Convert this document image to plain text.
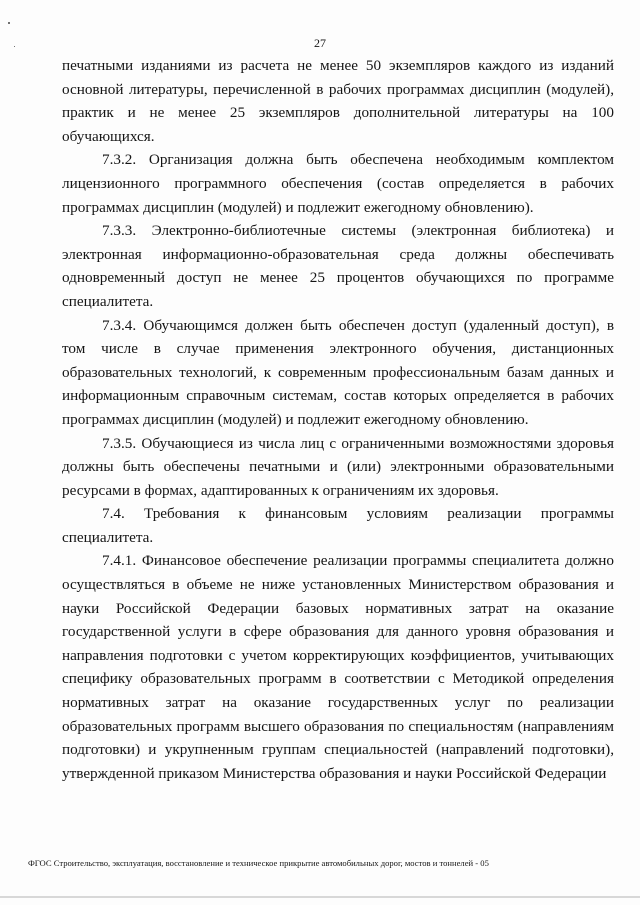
27

печатными изданиями из расчета не менее 50 экземпляров каждого из изданий основной литературы, перечисленной в рабочих программах дисциплин (модулей), практик и не менее 25 экземпляров дополнительной литературы на 100 обучающихся.

7.3.2. Организация должна быть обеспечена необходимым комплектом лицензионного программного обеспечения (состав определяется в рабочих программах дисциплин (модулей) и подлежит ежегодному обновлению).

7.3.3. Электронно-библиотечные системы (электронная библиотека) и электронная информационно-образовательная среда должны обеспечивать одновременный доступ не менее 25 процентов обучающихся по программе специалитета.

7.3.4. Обучающимся должен быть обеспечен доступ (удаленный доступ), в том числе в случае применения электронного обучения, дистанционных образовательных технологий, к современным профессиональным базам данных и информационным справочным системам, состав которых определяется в рабочих программах дисциплин (модулей) и подлежит ежегодному обновлению.

7.3.5. Обучающиеся из числа лиц с ограниченными возможностями здоровья должны быть обеспечены печатными и (или) электронными образовательными ресурсами в формах, адаптированных к ограничениям их здоровья.

7.4. Требования к финансовым условиям реализации программы специалитета.

7.4.1. Финансовое обеспечение реализации программы специалитета должно осуществляться в объеме не ниже установленных Министерством образования и науки Российской Федерации базовых нормативных затрат на оказание государственной услуги в сфере образования для данного уровня образования и направления подготовки с учетом корректирующих коэффициентов, учитывающих специфику образовательных программ в соответствии с Методикой определения нормативных затрат на оказание государственных услуг по реализации образовательных программ высшего образования по специальностям (направлениям подготовки) и укрупненным группам специальностей (направлений подготовки), утвержденной приказом Министерства образования и науки Российской Федерации

ФГОС Строительство, эксплуатация, восстановление и техническое прикрытие автомобильных дорог, мостов и тоннелей - 05
